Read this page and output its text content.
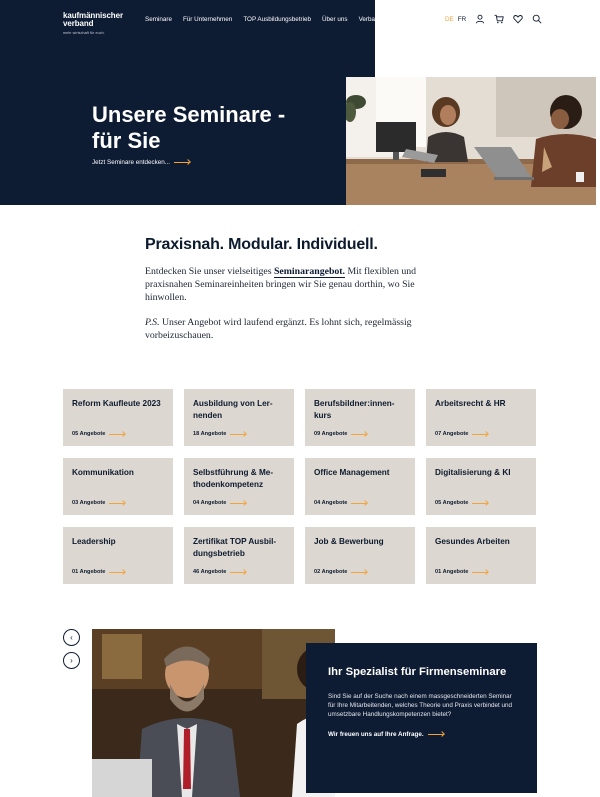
kaufmännischer
verband
mehr wirtschaft für euch.
Seminare Für Unternehmen TOP Ausbildungsbetrieb Über uns Verband	DE FR
Unsere Seminare - für Sie
Jetzt Seminare entdecken...
Praxisnah. Modular. Individuell.

Entdecken Sie unser vielseitiges Seminarangebot. Mit flexiblen und praxisnahen Seminareinheiten bringen wir Sie genau dorthin, wo Sie hinwollen.

P.S. Unser Angebot wird laufend ergänzt. Es lohnt sich, regelmässig vorbeizuschauen.

Reform Kaufleute 2023
05 Angebote
Ausbildung von Ler-nenden
18 Angebote
Berufsbildner:innen-kurs
09 Angebote
Arbeitsrecht & HR
07 Angebote
Kommunikation
03 Angebote
Selbstführung & Me-thodenkompetenz
04 Angebote
Office Management
04 Angebote
Digitalisierung & KI
05 Angebote
Leadership
01 Angebote
Zertifikat TOP Ausbil-dungsbetrieb
46 Angebote
Job & Bewerbung
02 Angebote
Gesundes Arbeiten
01 Angebote
‹
›
Ihr Spezialist für Firmenseminare
Sind Sie auf der Suche nach einem massgeschneiderten Seminar für Ihre Mitarbeitenden, welches Theorie und Praxis verbindet und umsetzbare Handlungskompetenzen bietet?
Wir freuen uns auf Ihre Anfrage.
